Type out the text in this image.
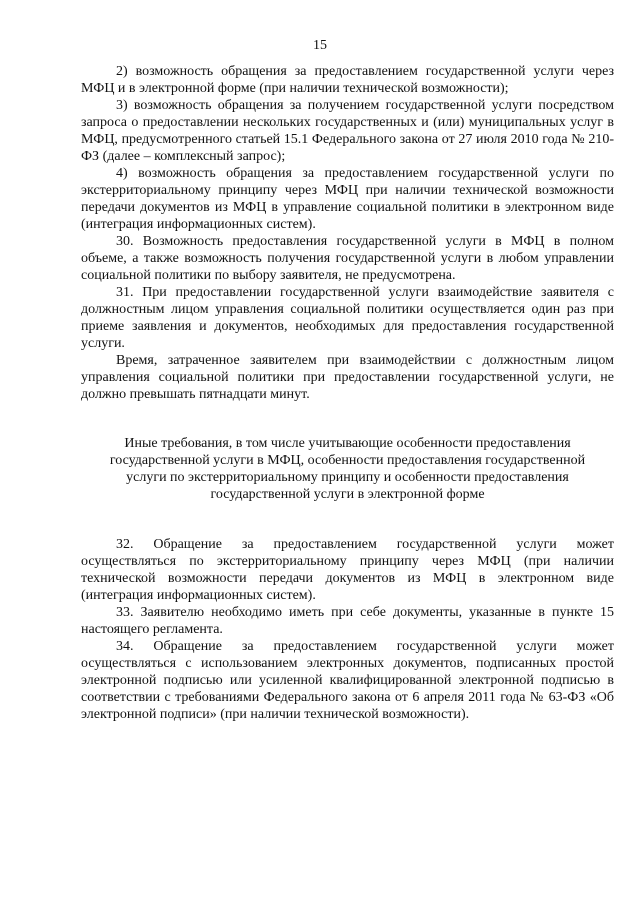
15

2) возможность обращения за предоставлением государственной услуги через МФЦ и в электронной форме (при наличии технической возможности);

3) возможность обращения за получением государственной услуги посредством запроса о предоставлении нескольких государственных и (или) муниципальных услуг в МФЦ, предусмотренного статьей 15.1 Федерального закона от 27 июля 2010 года № 210-ФЗ (далее – комплексный запрос);

4) возможность обращения за предоставлением государственной услуги по экстерриториальному принципу через МФЦ при наличии технической возможности передачи документов из МФЦ в управление социальной политики в электронном виде (интеграция информационных систем).

30. Возможность предоставления государственной услуги в МФЦ в полном объеме, а также возможность получения государственной услуги в любом управлении социальной политики по выбору заявителя, не предусмотрена.

31. При предоставлении государственной услуги взаимодействие заявителя с должностным лицом управления социальной политики осуществляется один раз при приеме заявления и документов, необходимых для предоставления государственной услуги.

Время, затраченное заявителем при взаимодействии с должностным лицом управления социальной политики при предоставлении государственной услуги, не должно превышать пятнадцати минут.

Иные требования, в том числе учитывающие особенности предоставления
государственной услуги в МФЦ, особенности предоставления государственной
услуги по экстерриториальному принципу и особенности предоставления
государственной услуги в электронной форме

32. Обращение за предоставлением государственной услуги может осуществляться по экстерриториальному принципу через МФЦ (при наличии технической возможности передачи документов из МФЦ в электронном виде (интеграция информационных систем).

33. Заявителю необходимо иметь при себе документы, указанные в пункте 15 настоящего регламента.

34. Обращение за предоставлением государственной услуги может осуществляться с использованием электронных документов, подписанных простой электронной подписью или усиленной квалифицированной электронной подписью в соответствии с требованиями Федерального закона от 6 апреля 2011 года № 63-ФЗ «Об электронной подписи» (при наличии технической возможности).
